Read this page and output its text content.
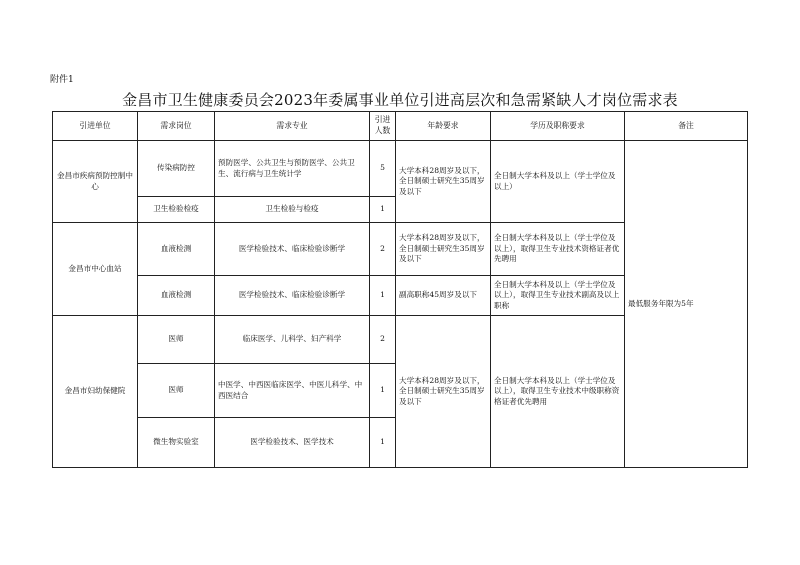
附件1
金昌市卫生健康委员会2023年委属事业单位引进高层次和急需紧缺人才岗位需求表
引进单位	需求岗位	需求专业	引进人数	年龄要求	学历及职称要求	备注
金昌市疾病预防控制中心	传染病防控	预防医学、公共卫生与预防医学、公共卫生、流行病与卫生统计学	5	大学本科28周岁及以下，全日制硕士研究生35周岁及以下	全日制大学本科及以上（学士学位及以上）	最低服务年限为5年
	卫生检验检疫	卫生检验与检疫	1			
金昌市中心血站	血液检测	医学检验技术、临床检验诊断学	2	大学本科28周岁及以下，全日制硕士研究生35周岁及以下	全日制大学本科及以上（学士学位及以上），取得卫生专业技术资格证者优先聘用	
	血液检测	医学检验技术、临床检验诊断学	1	副高职称45周岁及以下	全日制大学本科及以上（学士学位及以上），取得卫生专业技术副高及以上职称	
金昌市妇幼保健院	医师	临床医学、儿科学、妇产科学	2	大学本科28周岁及以下，全日制硕士研究生35周岁及以下	全日制大学本科及以上（学士学位及以上），取得卫生专业技术中级职称资格证者优先聘用	
	医师	中医学、中西医临床医学、中医儿科学、中西医结合	1			
	微生物实验室	医学检验技术、医学技术	1			
